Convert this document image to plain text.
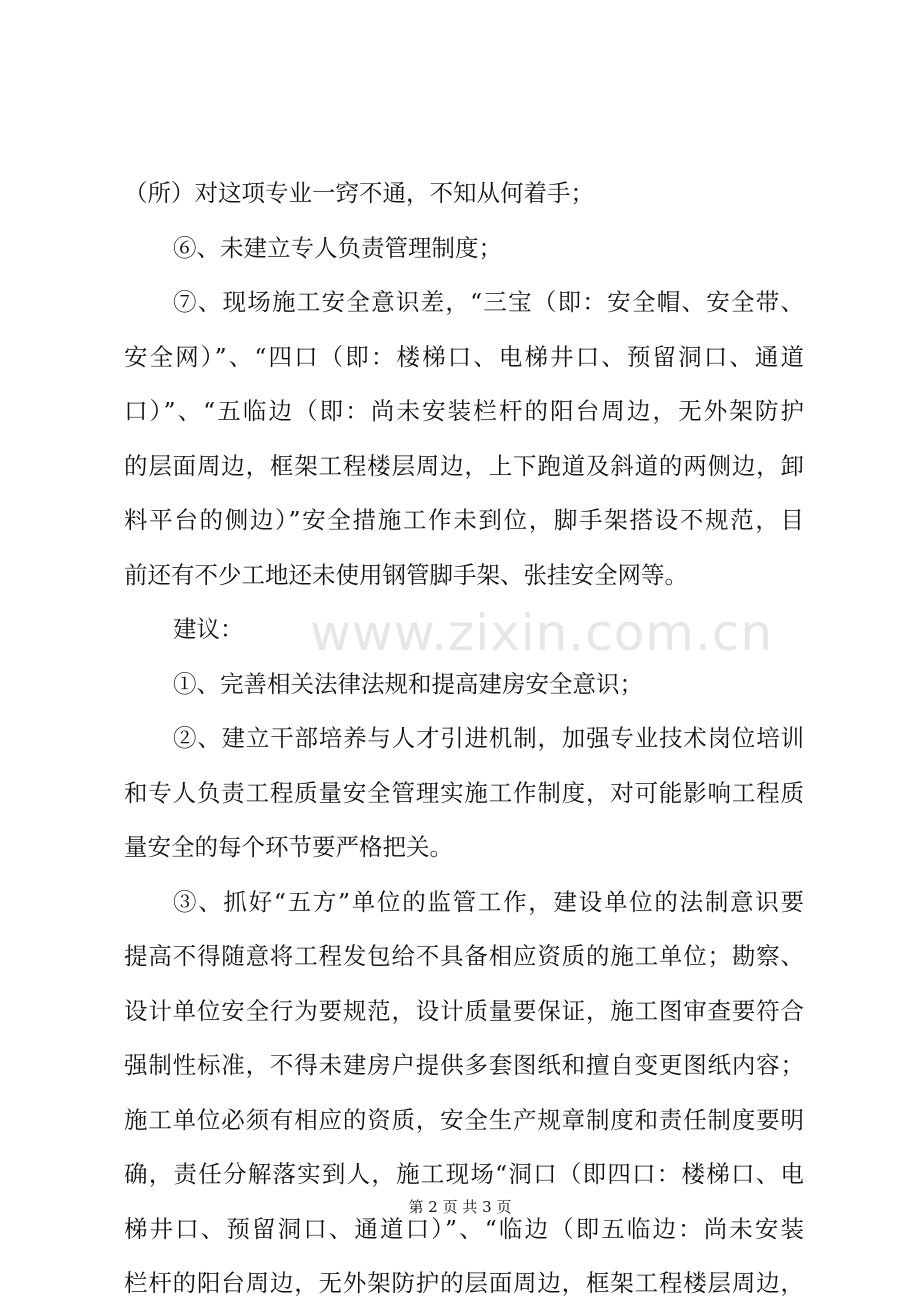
www.zixin.com.cn
（所）对这项专业一窍不通，不知从何着手；
⑥、未建立专人负责管理制度；
⑦、现场施工安全意识差，“三宝（即：安全帽、安全带、
安全网）”、“四口（即：楼梯口、电梯井口、预留洞口、通道
口）”、“五临边（即：尚未安装栏杆的阳台周边，无外架防护
的层面周边，框架工程楼层周边，上下跑道及斜道的两侧边，卸
料平台的侧边）”安全措施工作未到位，脚手架搭设不规范，目
前还有不少工地还未使用钢管脚手架、张挂安全网等。
建议：
①、完善相关法律法规和提高建房安全意识；
②、建立干部培养与人才引进机制，加强专业技术岗位培训
和专人负责工程质量安全管理实施工作制度，对可能影响工程质
量安全的每个环节要严格把关。
③、抓好“五方”单位的监管工作，建设单位的法制意识要
提高不得随意将工程发包给不具备相应资质的施工单位；勘察、
设计单位安全行为要规范，设计质量要保证，施工图审查要符合
强制性标准，不得未建房户提供多套图纸和擅自变更图纸内容；
施工单位必须有相应的资质，安全生产规章制度和责任制度要明
确，责任分解落实到人，施工现场“洞口（即四口：楼梯口、电
梯井口、预留洞口、通道口）”、“临边（即五临边：尚未安装
栏杆的阳台周边，无外架防护的层面周边，框架工程楼层周边，
第 2 页 共 3 页
